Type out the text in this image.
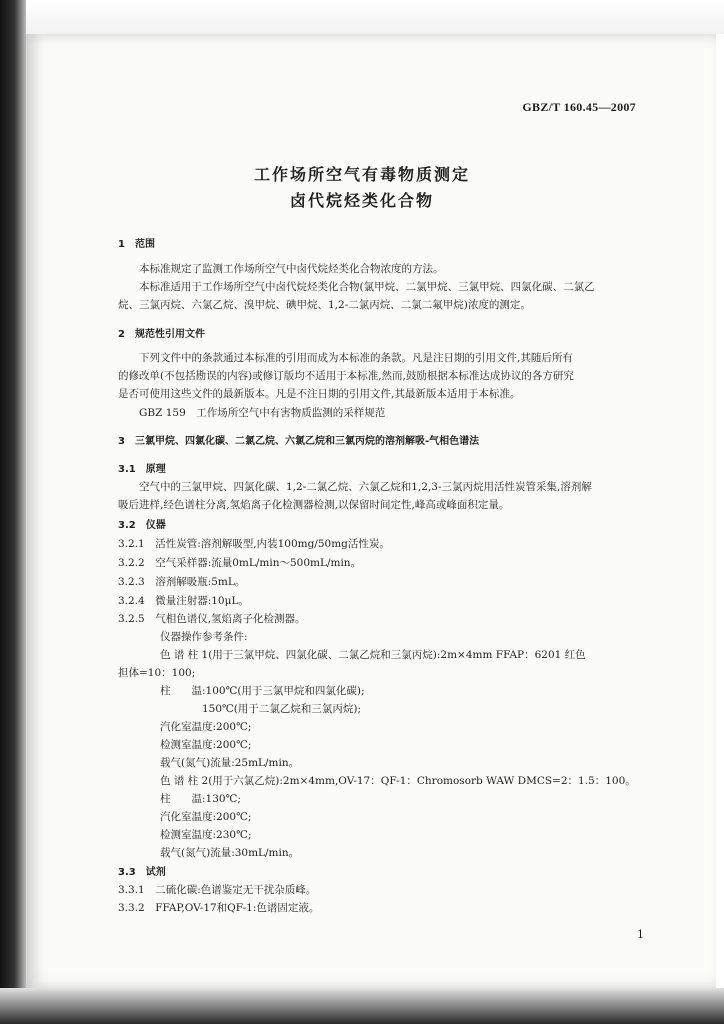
GBZ/T 160.45—2007
工作场所空气有毒物质测定
卤代烷烃类化合物
1　范围
　　本标准规定了监测工作场所空气中卤代烷烃类化合物浓度的方法。
　　本标准适用于工作场所空气中卤代烷烃类化合物(氯甲烷、二氯甲烷、三氯甲烷、四氯化碳、二氯乙
烷、三氯丙烷、六氯乙烷、溴甲烷、碘甲烷、1,2-二氯丙烷、二氯二氟甲烷)浓度的测定。
2　规范性引用文件
　　下列文件中的条款通过本标准的引用而成为本标准的条款。凡是注日期的引用文件,其随后所有
的修改单(不包括勘误的内容)或修订版均不适用于本标准,然而,鼓励根据本标准达成协议的各方研究
是否可使用这些文件的最新版本。凡是不注日期的引用文件,其最新版本适用于本标准。
　　GBZ 159　工作场所空气中有害物质监测的采样规范
3　三氯甲烷、四氯化碳、二氯乙烷、六氯乙烷和三氯丙烷的溶剂解吸-气相色谱法
3.1　原理
　　空气中的三氯甲烷、四氯化碳、1,2-二氯乙烷、六氯乙烷和1,2,3-三氯丙烷用活性炭管采集,溶剂解
吸后进样,经色谱柱分离,氢焰离子化检测器检测,以保留时间定性,峰高或峰面积定量。
3.2　仪器
3.2.1　活性炭管:溶剂解吸型,内装100mg/50mg活性炭。
3.2.2　空气采样器:流量0mL/min～500mL/min。
3.2.3　溶剂解吸瓶:5mL。
3.2.4　微量注射器:10μL。
3.2.5　气相色谱仪,氢焰离子化检测器。
　　　　仪器操作参考条件:
　　　　色 谱 柱 1(用于三氯甲烷、四氯化碳、二氯乙烷和三氯丙烷):2m×4mm FFAP：6201 红色
担体=10：100;
　　　　柱　　温:100℃(用于三氯甲烷和四氯化碳);
　　　　　　　　150℃(用于二氯乙烷和三氯丙烷);
　　　　汽化室温度:200℃;
　　　　检测室温度:200℃;
　　　　载气(氮气)流量:25mL/min。
　　　　色 谱 柱 2(用于六氯乙烷):2m×4mm,OV-17：QF-1：Chromosorb WAW DMCS=2：1.5：100。
　　　　柱　　温:130℃;
　　　　汽化室温度:200℃;
　　　　检测室温度:230℃;
　　　　载气(氮气)流量:30mL/min。
3.3　试剂
3.3.1　二硫化碳:色谱鉴定无干扰杂质峰。
3.3.2　FFAP,OV-17和QF-1:色谱固定液。
1
